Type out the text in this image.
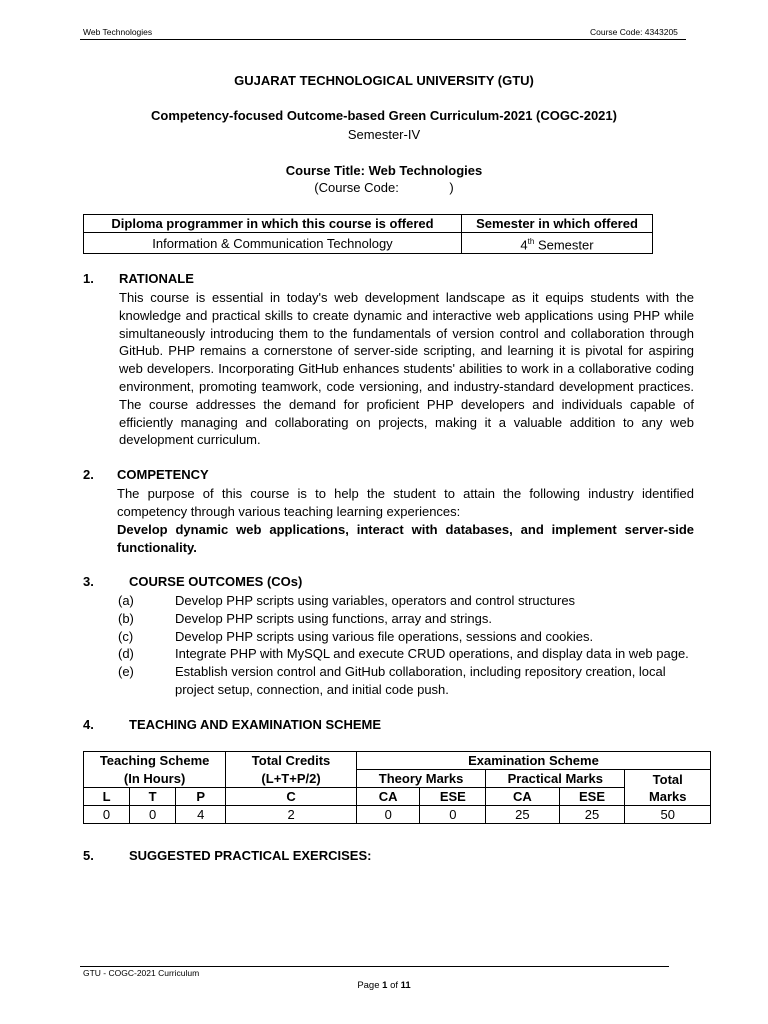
Web Technologies	Course Code: 4343205
GUJARAT TECHNOLOGICAL UNIVERSITY (GTU)
Competency-focused Outcome-based Green Curriculum-2021 (COGC-2021)
Semester-IV
Course Title: Web Technologies
(Course Code:              )
Diploma programmer in which this course is offered	Semester in which offered
Information & Communication Technology	4th Semester
1. RATIONALE
This course is essential in today's web development landscape as it equips students with the knowledge and practical skills to create dynamic and interactive web applications using PHP while simultaneously introducing them to the fundamentals of version control and collaboration through GitHub. PHP remains a cornerstone of server-side scripting, and learning it is pivotal for aspiring web developers. Incorporating GitHub enhances students' abilities to work in a collaborative coding environment, promoting teamwork, code versioning, and industry-standard development practices. The course addresses the demand for proficient PHP developers and individuals capable of efficiently managing and collaborating on projects, making it a valuable addition to any web development curriculum.
2. COMPETENCY
The purpose of this course is to help the student to attain the following industry identified competency through various teaching learning experiences:
Develop dynamic web applications, interact with databases, and implement server-side functionality.
3.	COURSE OUTCOMES (COs)
(a)	Develop PHP scripts using variables, operators and control structures
(b)	Develop PHP scripts using functions, array and strings.
(c)	Develop PHP scripts using various file operations, sessions and cookies.
(d)	Integrate PHP with MySQL and execute CRUD operations, and display data in web page.
(e)	Establish version control and GitHub collaboration, including repository creation, local project setup, connection, and initial code push.
4.	TEACHING AND EXAMINATION SCHEME
Teaching Scheme			Total Credits	Examination Scheme				
(In Hours)			(L+T+P/2)	Theory Marks		Practical Marks		Total
Marks
L	T	P	C	CA	ESE	CA	ESE	
0	0	4	2	0	0	25	25	50
5.	SUGGESTED PRACTICAL EXERCISES:
GTU - COGC-2021 Curriculum
Page 1 of 11
